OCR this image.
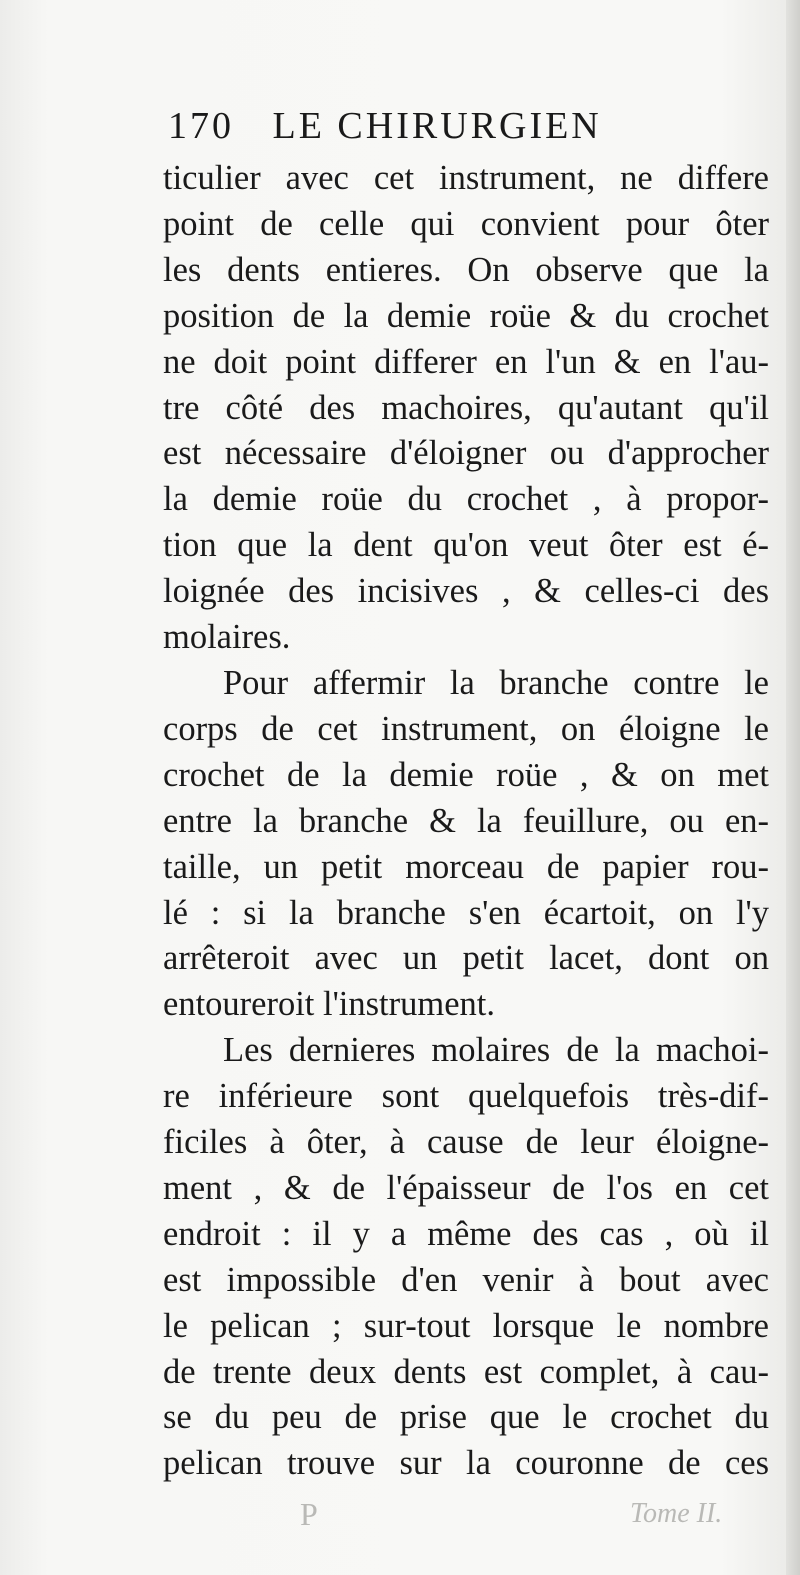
170 LE CHIRURGIEN
ticulier avec cet instrument, ne differe
point de celle qui convient pour ôter
les dents entieres. On observe que la
position de la demie roüe & du crochet
ne doit point differer en l'un & en l'au-
tre côté des machoires, qu'autant qu'il
est nécessaire d'éloigner ou d'approcher
la demie roüe du crochet , à propor-
tion que la dent qu'on veut ôter est é-
loignée des incisives , & celles-ci des
molaires.
Pour affermir la branche contre le
corps de cet instrument, on éloigne le
crochet de la demie roüe , & on met
entre la branche & la feuillure, ou en-
taille, un petit morceau de papier rou-
lé : si la branche s'en écartoit, on l'y
arrêteroit avec un petit lacet, dont on
entoureroit l'instrument.
Les dernieres molaires de la machoi-
re inférieure sont quelquefois très-dif-
ficiles à ôter, à cause de leur éloigne-
ment , & de l'épaisseur de l'os en cet
endroit : il y a même des cas , où il
est impossible d'en venir à bout avec
le pelican ; sur-tout lorsque le nombre
de trente deux dents est complet, à cau-
se du peu de prise que le crochet du
pelican trouve sur la couronne de ces
P	Tome II.
